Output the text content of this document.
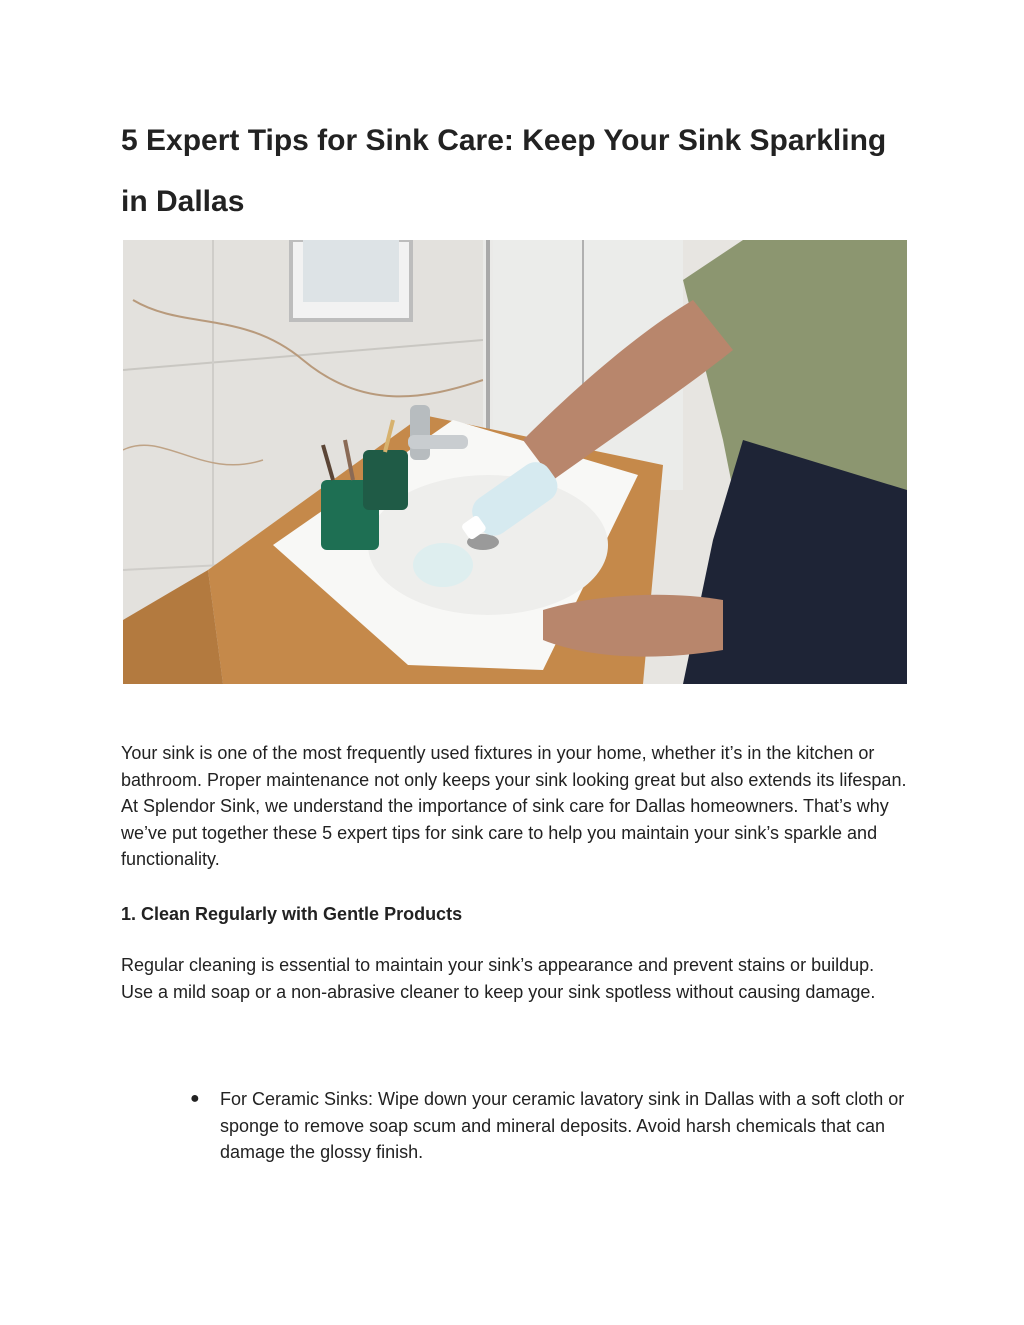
5 Expert Tips for Sink Care: Keep Your Sink Sparkling in Dallas

Your sink is one of the most frequently used fixtures in your home, whether it’s in the kitchen or bathroom. Proper maintenance not only keeps your sink looking great but also extends its lifespan. At Splendor Sink, we understand the importance of sink care for Dallas homeowners. That’s why we’ve put together these 5 expert tips for sink care to help you maintain your sink’s sparkle and functionality.

1. Clean Regularly with Gentle Products

Regular cleaning is essential to maintain your sink’s appearance and prevent stains or buildup. Use a mild soap or a non-abrasive cleaner to keep your sink spotless without causing damage.

● For Ceramic Sinks: Wipe down your ceramic lavatory sink in Dallas with a soft cloth or sponge to remove soap scum and mineral deposits. Avoid harsh chemicals that can damage the glossy finish.
